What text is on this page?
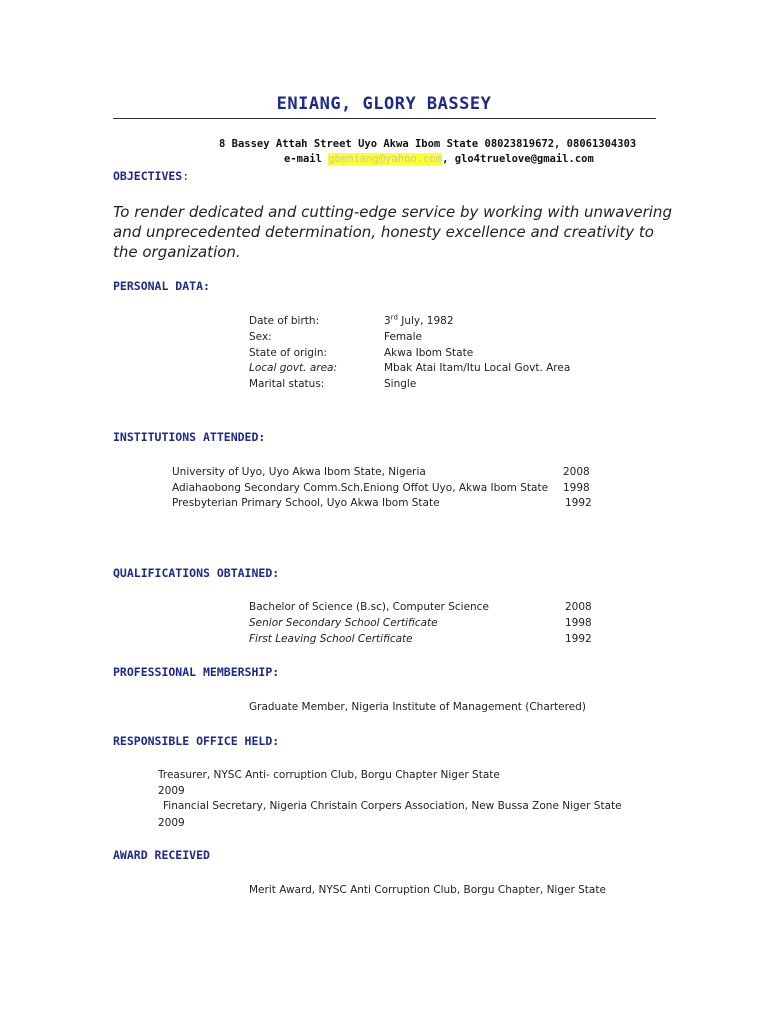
ENIANG, GLORY BASSEY
8 Bassey Attah Street Uyo Akwa Ibom State 08023819672, 08061304303
e-mail gbeniang@yahoo.com, glo4truelove@gmail.com
OBJECTIVES:
To render dedicated and cutting-edge service by working with unwavering and unprecedented determination, honesty excellence and creativity to the organization.
PERSONAL DATA:
Date of birth:	3rd July, 1982
Sex:	Female
State of origin:	Akwa Ibom State
Local govt. area:	Mbak Atai Itam/Itu Local Govt. Area
Marital status:	Single
INSTITUTIONS ATTENDED:
University of Uyo, Uyo Akwa Ibom State, Nigeria	2008
Adiahaobong Secondary Comm.Sch.Eniong Offot Uyo, Akwa Ibom State 1998
Presbyterian Primary School, Uyo Akwa Ibom State	1992
QUALIFICATIONS OBTAINED:
Bachelor of Science (B.sc), Computer Science	2008
Senior Secondary School Certificate	1998
First Leaving School Certificate	1992
PROFESSIONAL MEMBERSHIP:
Graduate Member, Nigeria Institute of Management (Chartered)
RESPONSIBLE OFFICE HELD:
Treasurer, NYSC Anti- corruption Club, Borgu Chapter Niger State
2009
Financial Secretary, Nigeria Christain Corpers Association, New Bussa Zone Niger State
2009
AWARD RECEIVED
Merit Award, NYSC Anti Corruption Club, Borgu Chapter, Niger State
